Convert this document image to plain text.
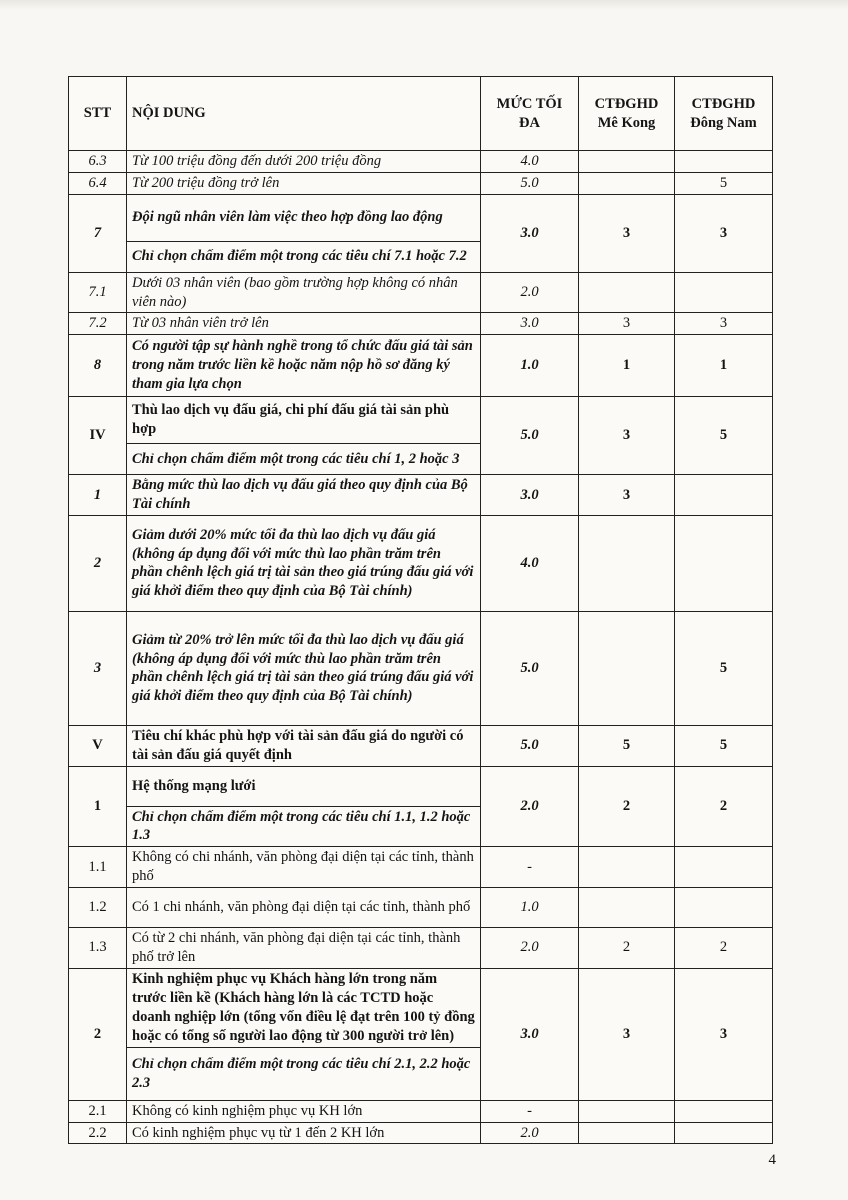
STT	NỘI DUNG	MỨC TỐI ĐA	CTĐGHD Mê Kong	CTĐGHD Đông Nam
6.3	Từ 100 triệu đồng đến dưới 200 triệu đồng	4.0		
6.4	Từ 200 triệu đồng trở lên	5.0		5
7	Đội ngũ nhân viên làm việc theo hợp đồng lao động	3.0	3	3
	Chỉ chọn chấm điểm một trong các tiêu chí 7.1 hoặc 7.2			
7.1	Dưới 03 nhân viên (bao gồm trường hợp không có nhân viên nào)	2.0		
7.2	Từ 03 nhân viên trở lên	3.0	3	3
8	Có người tập sự hành nghề trong tổ chức đấu giá tài sản trong năm trước liền kề hoặc năm nộp hồ sơ đăng ký tham gia lựa chọn	1.0	1	1
IV	Thù lao dịch vụ đấu giá, chi phí đấu giá tài sản phù hợp	5.0	3	5
	Chỉ chọn chấm điểm một trong các tiêu chí 1, 2 hoặc 3			
1	Bằng mức thù lao dịch vụ đấu giá theo quy định của Bộ Tài chính	3.0	3	
2	Giảm dưới 20% mức tối đa thù lao dịch vụ đấu giá (không áp dụng đối với mức thù lao phần trăm trên phần chênh lệch giá trị tài sản theo giá trúng đấu giá với giá khởi điểm theo quy định của Bộ Tài chính)	4.0		
3	Giảm từ 20% trở lên mức tối đa thù lao dịch vụ đấu giá (không áp dụng đối với mức thù lao phần trăm trên phần chênh lệch giá trị tài sản theo giá trúng đấu giá với giá khởi điểm theo quy định của Bộ Tài chính)	5.0		5
V	Tiêu chí khác phù hợp với tài sản đấu giá do người có tài sản đấu giá quyết định	5.0	5	5
1	Hệ thống mạng lưới	2.0	2	2
	Chỉ chọn chấm điểm một trong các tiêu chí 1.1, 1.2 hoặc 1.3			
1.1	Không có chi nhánh, văn phòng đại diện tại các tỉnh, thành phố	-		
1.2	Có 1 chi nhánh, văn phòng đại diện tại các tỉnh, thành phố	1.0		
1.3	Có từ 2 chi nhánh, văn phòng đại diện tại các tỉnh, thành phố trở lên	2.0	2	2
2	Kinh nghiệm phục vụ Khách hàng lớn trong năm trước liền kề (Khách hàng lớn là các TCTD hoặc doanh nghiệp lớn (tổng vốn điều lệ đạt trên 100 tỷ đồng hoặc có tổng số người lao động từ 300 người trở lên)	3.0	3	3
	Chỉ chọn chấm điểm một trong các tiêu chí 2.1, 2.2 hoặc 2.3			
2.1	Không có kinh nghiệm phục vụ KH lớn	-		
2.2	Có kinh nghiệm phục vụ từ 1 đến 2 KH lớn	2.0		
4
